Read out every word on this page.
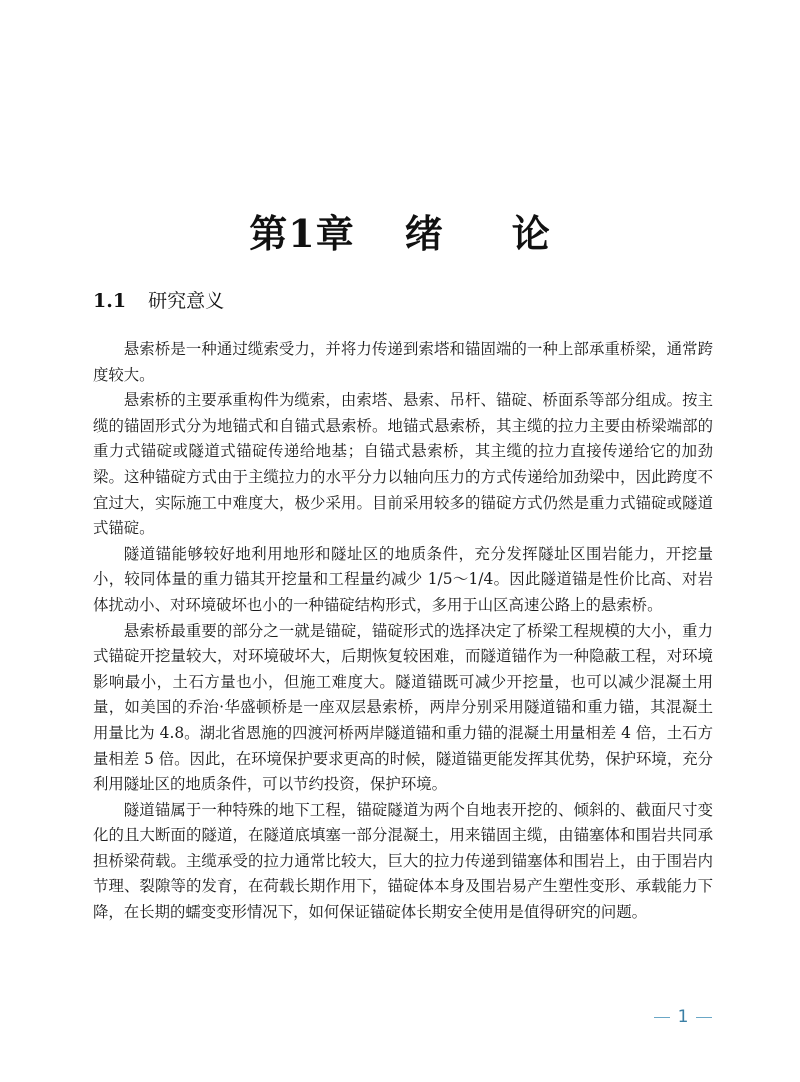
第1章 绪 论
1.1 研究意义

悬索桥是一种通过缆索受力，并将力传递到索塔和锚固端的一种上部承重桥梁，通常跨度较大。

悬索桥的主要承重构件为缆索，由索塔、悬索、吊杆、锚碇、桥面系等部分组成。按主缆的锚固形式分为地锚式和自锚式悬索桥。地锚式悬索桥，其主缆的拉力主要由桥梁端部的重力式锚碇或隧道式锚碇传递给地基；自锚式悬索桥，其主缆的拉力直接传递给它的加劲梁。这种锚碇方式由于主缆拉力的水平分力以轴向压力的方式传递给加劲梁中，因此跨度不宜过大，实际施工中难度大，极少采用。目前采用较多的锚碇方式仍然是重力式锚碇或隧道式锚碇。

隧道锚能够较好地利用地形和隧址区的地质条件，充分发挥隧址区围岩能力，开挖量小，较同体量的重力锚其开挖量和工程量约减少 1/5～1/4。因此隧道锚是性价比高、对岩体扰动小、对环境破坏也小的一种锚碇结构形式，多用于山区高速公路上的悬索桥。

悬索桥最重要的部分之一就是锚碇，锚碇形式的选择决定了桥梁工程规模的大小，重力式锚碇开挖量较大，对环境破坏大，后期恢复较困难，而隧道锚作为一种隐蔽工程，对环境影响最小，土石方量也小，但施工难度大。隧道锚既可减少开挖量，也可以减少混凝土用量，如美国的乔治·华盛顿桥是一座双层悬索桥，两岸分别采用隧道锚和重力锚，其混凝土用量比为 4.8。湖北省恩施的四渡河桥两岸隧道锚和重力锚的混凝土用量相差 4 倍，土石方量相差 5 倍。因此，在环境保护要求更高的时候，隧道锚更能发挥其优势，保护环境，充分利用隧址区的地质条件，可以节约投资，保护环境。

隧道锚属于一种特殊的地下工程，锚碇隧道为两个自地表开挖的、倾斜的、截面尺寸变化的且大断面的隧道，在隧道底填塞一部分混凝土，用来锚固主缆，由锚塞体和围岩共同承担桥梁荷载。主缆承受的拉力通常比较大，巨大的拉力传递到锚塞体和围岩上，由于围岩内节理、裂隙等的发育，在荷载长期作用下，锚碇体本身及围岩易产生塑性变形、承载能力下降，在长期的蠕变变形情况下，如何保证锚碇体长期安全使用是值得研究的问题。

1
